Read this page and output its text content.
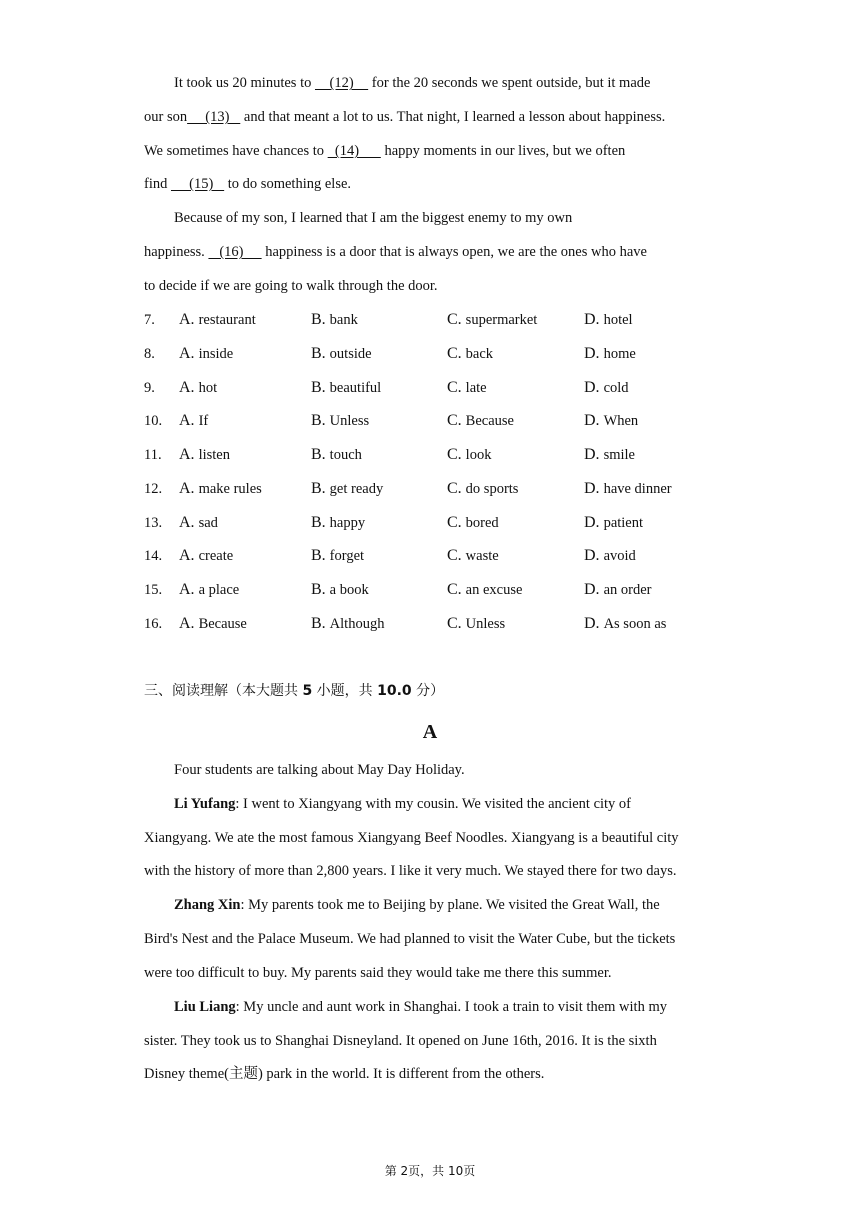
It took us 20 minutes to     (12)     for the 20 seconds we spent outside, but it made
our son     (13)    and that meant a lot to us. That night, I learned a lesson about happiness.
We sometimes have chances to   (14)       happy moments in our lives, but we often
find      (15)    to do something else.
Because of my son, I learned that I am the biggest enemy to my own
happiness.    (16)      happiness is a door that is always open, we are the ones who have
to decide if we are going to walk through the door.
7. A. restaurant	B. bank	C. supermarket	D. hotel
8. A. inside	B. outside	C. back	D. home
9. A. hot	B. beautiful	C. late	D. cold
10. A. If	B. Unless	C. Because	D. When
11. A. listen	B. touch	C. look	D. smile
12. A. make rules	B. get ready	C. do sports	D. have dinner
13. A. sad	B. happy	C. bored	D. patient
14. A. create	B. forget	C. waste	D. avoid
15. A. a place	B. a book	C. an excuse	D. an order
16. A. Because	B. Although	C. Unless	D. As soon as
三、阅读理解（本大题共 5 小题，共 10.0 分）
A
Four students are talking about May Day Holiday.
Li Yufang: I went to Xiangyang with my cousin. We visited the ancient city of
Xiangyang. We ate the most famous Xiangyang Beef Noodles. Xiangyang is a beautiful city
with the history of more than 2,800 years. I like it very much. We stayed there for two days.
Zhang Xin: My parents took me to Beijing by plane. We visited the Great Wall, the
Bird's Nest and the Palace Museum. We had planned to visit the Water Cube, but the tickets
were too difficult to buy. My parents said they would take me there this summer.
Liu Liang: My uncle and aunt work in Shanghai. I took a train to visit them with my
sister. They took us to Shanghai Disneyland. It opened on June 16th, 2016. It is the sixth
Disney theme(主题) park in the world. It is different from the others.
第 2页，共 10页
